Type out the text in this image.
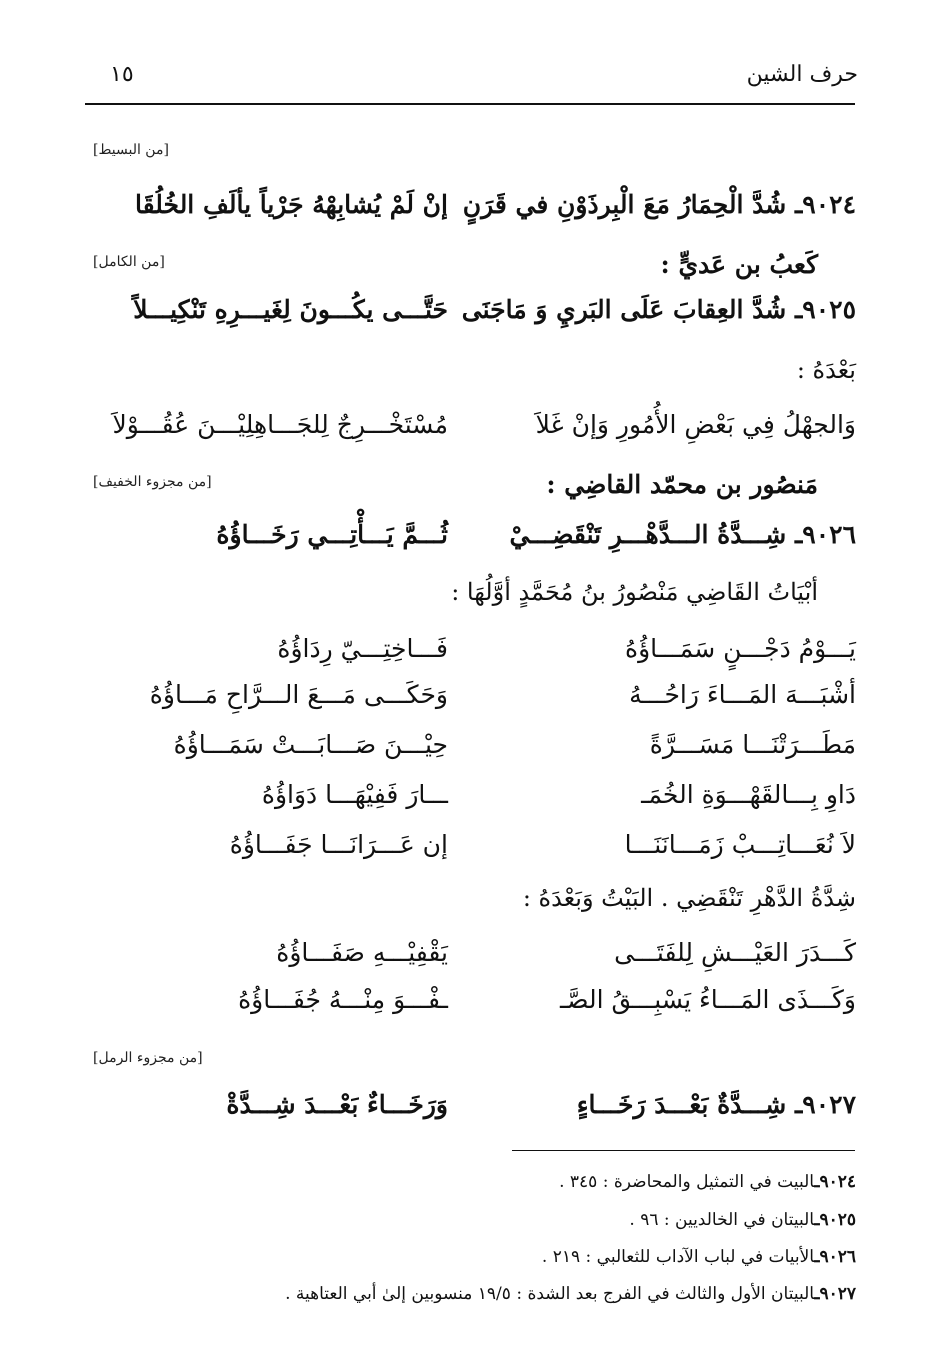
حرف الشين
١٥
[من البسيط]
٩٠٢٤ـ شُدَّ الْحِمَارُ مَعَ الْبِرذَوْنِ في قَرَنٍ
إنْ لَمْ يُشابِهْهُ جَرْياً يألَفِ الخُلُقَا
كَعبُ بن عَديٍّ :
[من الكامل]
٩٠٢٥ـ شُدَّ العِقابَ عَلَى البَريِ وَ مَاجَنَى
حَتَّـــى يكُـــونَ لِغَيـــرِهِ تَنْكِيـــلاً
بَعْدَهُ :
وَالجهْلُ فِي بَعْضِ الأُمُورِ وَإنْ غَلاَ
مُسْتَخْـــرِجٌ لِلجَـــاهِلِيْـــنَ عُقُـــوْلاَ
مَنصُور بن محمّد القاضِي :
[من مجزوء الخفيف]
٩٠٢٦ـ شِـــدَّةُ الـــدَّهْـــرِ تَنْقَضِـــيْ
ثُـــمَّ يَـــأْتِـــي رَخَـــاؤُهُ
أبْيَاتُ القَاضِي مَنْصُورُ بنُ مُحَمَّدٍ أوَّلُهَا :
يَـــوْمُ دَجْـــنٍ سَمَـــاؤُهُ
فَـــاخِتِـــيّ رِدَاؤُهُ
أشْبَـــهَ المَـــاءَ رَاحُـــهُ
وَحَكَـــى مَـــعَ الـــرَّاحِ مَـــاؤُهُ
مَطَـــرَتْنَـــا مَسَـــرَّةً
حِيْـــنَ صَـــابَـــتْ سَمَـــاؤُهُ
دَاوِ بِـــالقَهْـــوَةِ الخُمَـ
ـــارَ فَفِيْهَـــا دَوَاؤُهُ
لاَ نُعَـــاتِـــبْ زَمَـــانَنَـــا
إن عَـــرَانَـــا جَفَـــاؤُهُ
شِدَّةُ الدَّهْرِ تَنْقَضِي . البَيْتُ وَبَعْدَهُ :
كَـــدَرَ العَيْـــشِ لِلفَتَـــى
يَقْفِيْـــهِ صَفَـــاؤُهُ
وَكَـــذَى المَـــاءُ يَسْبِـــقُ الصَّـ
ـفْـــوَ مِنْـــهُ جُفَـــاؤُهُ
[من مجزوء الرمل]
٩٠٢٧ـ شِـــدَّةٌ بَعْـــدَ رَخَـــاءٍ
وَرَخَـــاءٌ بَعْـــدَ شِـــدَّةْ
٩٠٢٤ـالبيت في التمثيل والمحاضرة : ٣٤٥ .
٩٠٢٥ـالبيتان في الخالديين : ٩٦ .
٩٠٢٦ـالأبيات في لباب الآداب للثعالبي : ٢١٩ .
٩٠٢٧ـالبيتان الأول والثالث في الفرج بعد الشدة : ١٩/٥ منسوبين إلىٰ أبي العتاهية .
